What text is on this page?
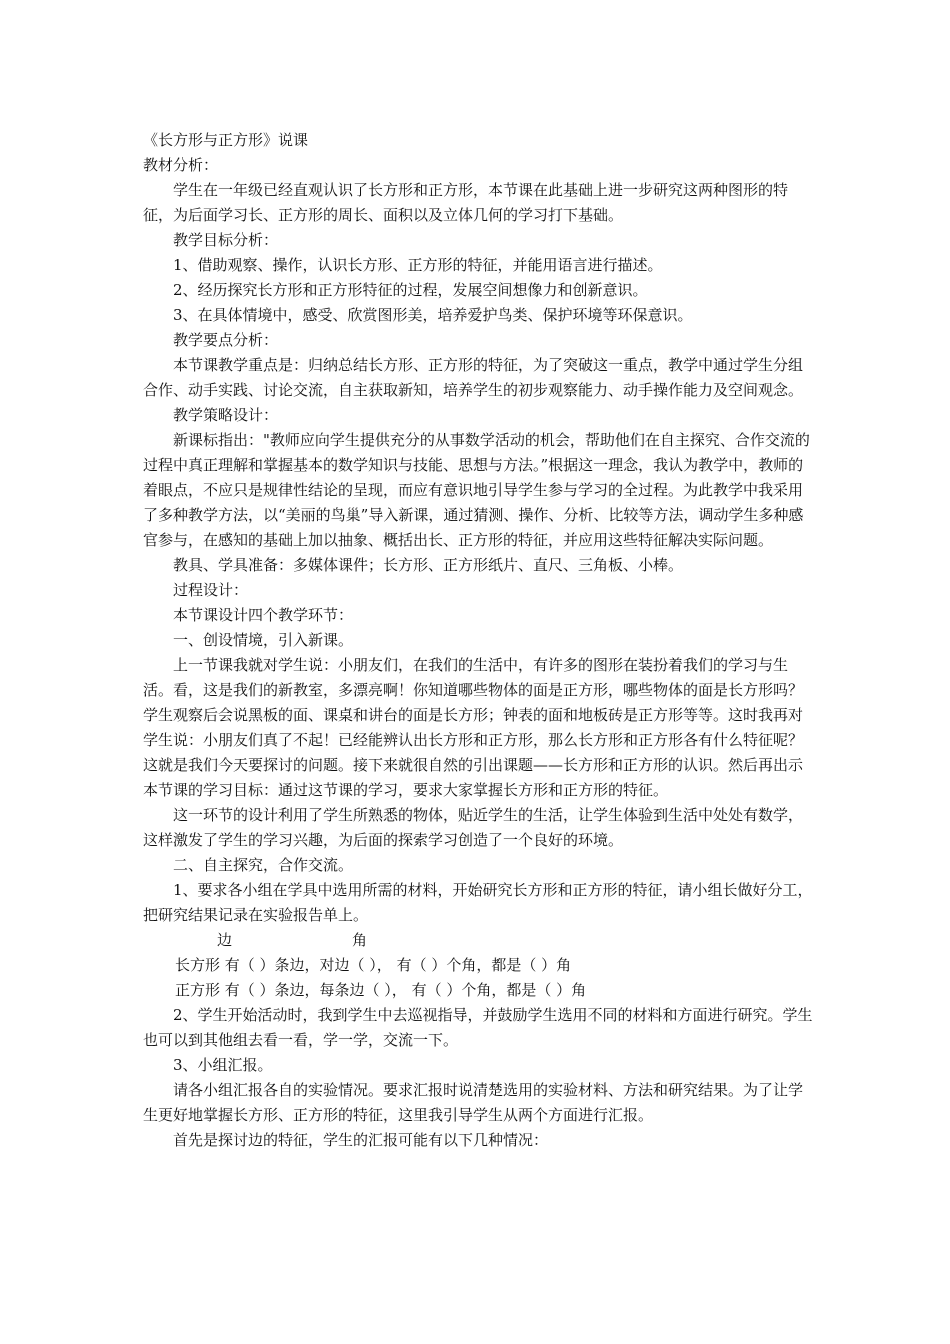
《长方形与正方形》说课

教材分析：

学生在一年级已经直观认识了长方形和正方形，本节课在此基础上进一步研究这两种图形的特征，为后面学习长、正方形的周长、面积以及立体几何的学习打下基础。

教学目标分析：

1、借助观察、操作，认识长方形、正方形的特征，并能用语言进行描述。

2、经历探究长方形和正方形特征的过程，发展空间想像力和创新意识。

3、在具体情境中，感受、欣赏图形美，培养爱护鸟类、保护环境等环保意识。

教学要点分析：

本节课教学重点是：归纳总结长方形、正方形的特征，为了突破这一重点，教学中通过学生分组合作、动手实践、讨论交流，自主获取新知，培养学生的初步观察能力、动手操作能力及空间观念。

教学策略设计：

新课标指出："教师应向学生提供充分的从事数学活动的机会，帮助他们在自主探究、合作交流的过程中真正理解和掌握基本的数学知识与技能、思想与方法。”根据这一理念，我认为教学中，教师的着眼点，不应只是规律性结论的呈现，而应有意识地引导学生参与学习的全过程。为此教学中我采用了多种教学方法，以“美丽的鸟巢”导入新课，通过猜测、操作、分析、比较等方法，调动学生多种感官参与，在感知的基础上加以抽象、概括出长、正方形的特征，并应用这些特征解决实际问题。

教具、学具准备：多媒体课件；长方形、正方形纸片、直尺、三角板、小棒。

过程设计：

本节课设计四个教学环节：

一、创设情境，引入新课。

上一节课我就对学生说：小朋友们，在我们的生活中，有许多的图形在装扮着我们的学习与生活。看，这是我们的新教室，多漂亮啊！你知道哪些物体的面是正方形，哪些物体的面是长方形吗？学生观察后会说黑板的面、课桌和讲台的面是长方形；钟表的面和地板砖是正方形等等。这时我再对学生说：小朋友们真了不起！已经能辨认出长方形和正方形，那么长方形和正方形各有什么特征呢？这就是我们今天要探讨的问题。接下来就很自然的引出课题——长方形和正方形的认识。然后再出示本节课的学习目标：通过这节课的学习，要求大家掌握长方形和正方形的特征。

这一环节的设计利用了学生所熟悉的物体，贴近学生的生活，让学生体验到生活中处处有数学，这样激发了学生的学习兴趣，为后面的探索学习创造了一个良好的环境。

二、自主探究，合作交流。

1、要求各小组在学具中选用所需的材料，开始研究长方形和正方形的特征，请小组长做好分工，把研究结果记录在实验报告单上。

边	角

长方形 有（ ）条边，对边（ ）， 有（ ）个角，都是（ ）角

正方形 有（ ）条边，每条边（ ）， 有（ ）个角，都是（ ）角

2、学生开始活动时，我到学生中去巡视指导，并鼓励学生选用不同的材料和方面进行研究。学生也可以到其他组去看一看，学一学，交流一下。

3、小组汇报。

请各小组汇报各自的实验情况。要求汇报时说清楚选用的实验材料、方法和研究结果。为了让学生更好地掌握长方形、正方形的特征，这里我引导学生从两个方面进行汇报。

首先是探讨边的特征，学生的汇报可能有以下几种情况：
